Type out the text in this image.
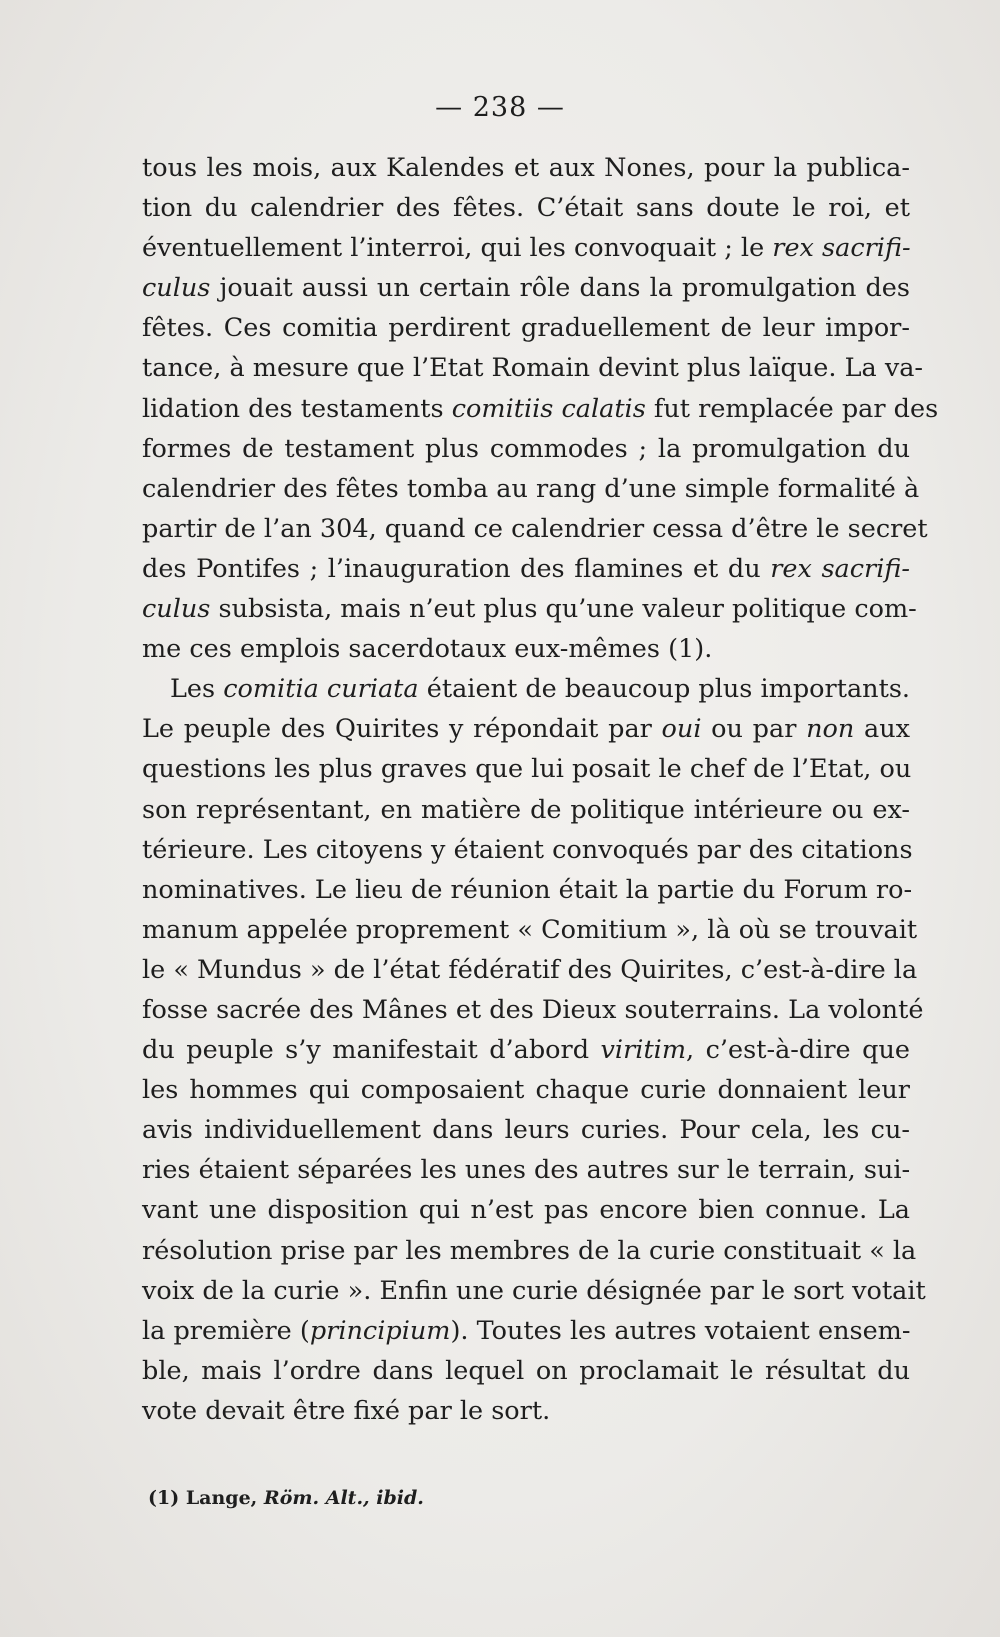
— 238 —
tous les mois, aux Kalendes et aux Nones, pour la publica-
tion du calendrier des fêtes. C’était sans doute le roi, et
éventuellement l’interroi, qui les convoquait ; le rex sacrifi-
culus jouait aussi un certain rôle dans la promulgation des
fêtes. Ces comitia perdirent graduellement de leur impor-
tance, à mesure que l’Etat Romain devint plus laïque. La va-
lidation des testaments comitiis calatis fut remplacée par des
formes de testament plus commodes ; la promulgation du
calendrier des fêtes tomba au rang d’une simple formalité à
partir de l’an 304, quand ce calendrier cessa d’être le secret
des Pontifes ; l’inauguration des flamines et du rex sacrifi-
culus subsista, mais n’eut plus qu’une valeur politique com-
me ces emplois sacerdotaux eux-mêmes (1).
Les comitia curiata étaient de beaucoup plus importants.
Le peuple des Quirites y répondait par oui ou par non aux
questions les plus graves que lui posait le chef de l’Etat, ou
son représentant, en matière de politique intérieure ou ex-
térieure. Les citoyens y étaient convoqués par des citations
nominatives. Le lieu de réunion était la partie du Forum ro-
manum appelée proprement « Comitium », là où se trouvait
le « Mundus » de l’état fédératif des Quirites, c’est-à-dire la
fosse sacrée des Mânes et des Dieux souterrains. La volonté
du peuple s’y manifestait d’abord viritim, c’est-à-dire que
les hommes qui composaient chaque curie donnaient leur
avis individuellement dans leurs curies. Pour cela, les cu-
ries étaient séparées les unes des autres sur le terrain, sui-
vant une disposition qui n’est pas encore bien connue. La
résolution prise par les membres de la curie constituait « la
voix de la curie ». Enfin une curie désignée par le sort votait
la première (principium). Toutes les autres votaient ensem-
ble, mais l’ordre dans lequel on proclamait le résultat du
vote devait être fixé par le sort.
(1) Lange, Röm. Alt., ibid.
